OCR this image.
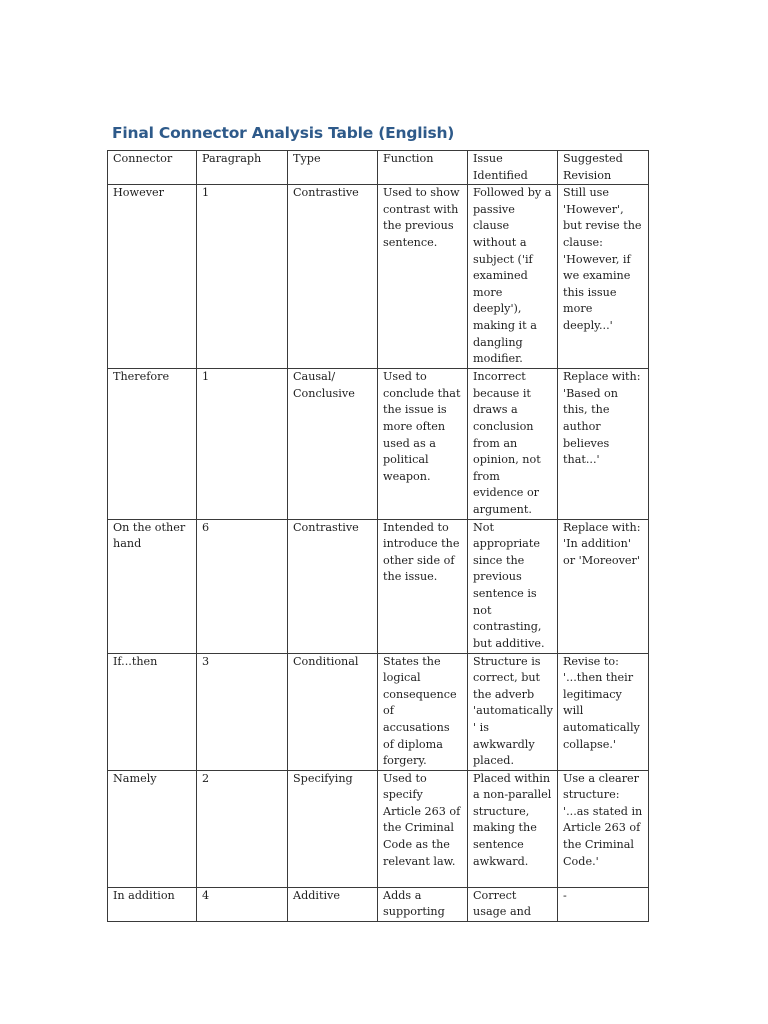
Final Connector Analysis Table (English)
Connector	Paragraph	Type	Function	Issue Identified	Suggested Revision
However	1	Contrastive	Used to show contrast with the previous sentence.	Followed by a passive clause without a subject ('if examined more deeply'), making it a dangling modifier.	Still use 'However', but revise the clause: 'However, if we examine this issue more deeply...'
Therefore	1	Causal/ Conclusive	Used to conclude that the issue is more often used as a political weapon.	Incorrect because it draws a conclusion from an opinion, not from evidence or argument.	Replace with: 'Based on this, the author believes that...'
On the other hand	6	Contrastive	Intended to introduce the other side of the issue.	Not appropriate since the previous sentence is not contrasting, but additive.	Replace with: 'In addition' or 'Moreover'
If...then	3	Conditional	States the logical consequence of accusations of diploma forgery.	Structure is correct, but the adverb 'automatically' is awkwardly placed.	Revise to: '...then their legitimacy will automatically collapse.'
Namely	2	Specifying	Used to specify Article 263 of the Criminal Code as the relevant law.	Placed within a non-parallel structure, making the sentence awkward.	Use a clearer structure: '...as stated in Article 263 of the Criminal Code.'
In addition	4	Additive	Adds a supporting	Correct usage and	-
